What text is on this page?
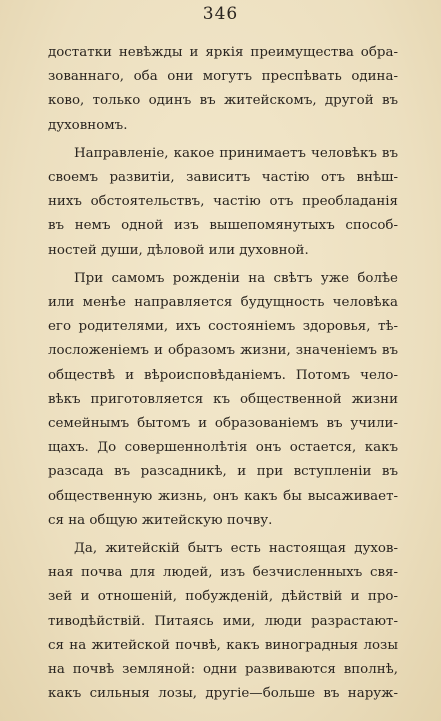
346
достатки невѣжды и яркія преимущества обра-
зованнаго, оба они могутъ преспѣвать одина-
ково, только одинъ въ житейскомъ, другой въ
духовномъ.
Направленіе, какое принимаетъ человѣкъ въ
своемъ развитіи, зависитъ частію отъ внѣш-
нихъ обстоятельствъ, частію отъ преобладанія
въ немъ одной изъ вышепомянутыхъ способ-
ностей души, дѣловой или духовной.
При самомъ рожденіи на свѣтъ уже болѣе
или менѣе направляется будущность человѣка
его родителями, ихъ состояніемъ здоровья, тѣ-
лосложеніемъ и образомъ жизни, значеніемъ въ
обществѣ и вѣроисповѣданіемъ. Потомъ чело-
вѣкъ приготовляется къ общественной жизни
семейнымъ бытомъ и образованіемъ въ учили-
щахъ. До совершеннолѣтія онъ остается, какъ
разсада въ разсадникѣ, и при вступленіи въ
общественную жизнь, онъ какъ бы высаживает-
ся на общую житейскую почву.
Да, житейскій бытъ есть настоящая духов-
ная почва для людей, изъ безчисленныхъ свя-
зей и отношеній, побужденій, дѣйствій и про-
тиводѣйствій. Питаясь ими, люди разрастают-
ся на житейской почвѣ, какъ виноградныя лозы
на почвѣ земляной: одни развиваются вполнѣ,
какъ сильныя лозы, другіе—больше въ наруж-
